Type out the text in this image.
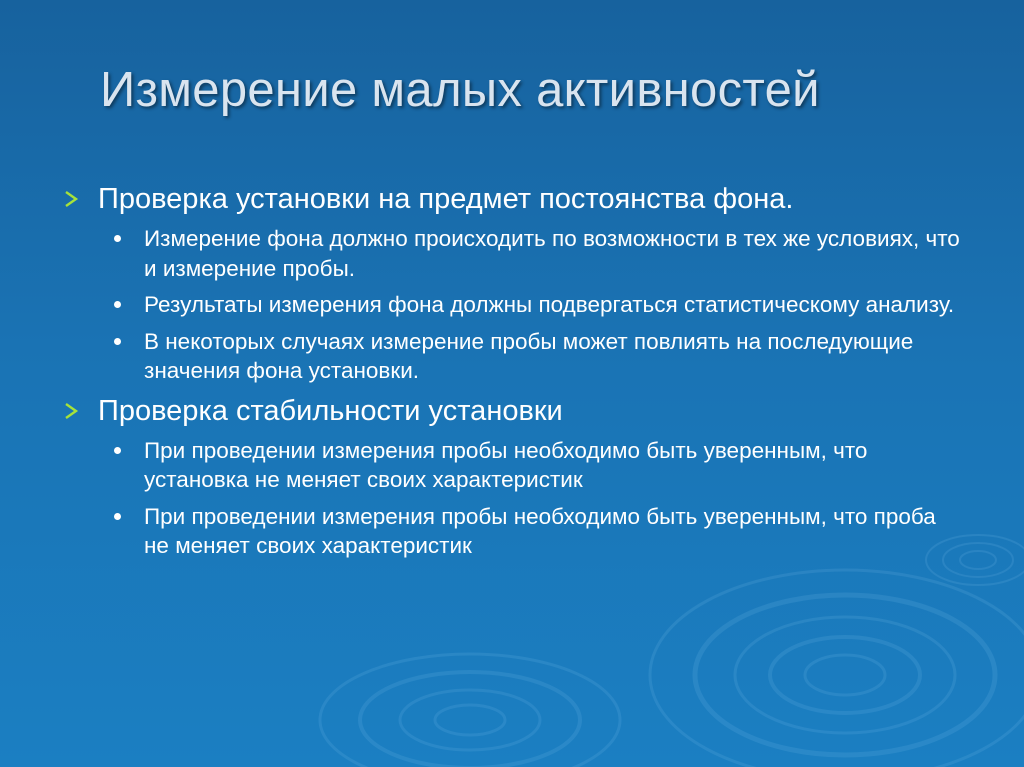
Измерение малых активностей
Проверка установки на предмет постоянства фона.
Измерение фона должно происходить по возможности в тех же условиях, что и измерение пробы.
Результаты измерения фона должны подвергаться статистическому анализу.
В некоторых случаях измерение пробы может повлиять на последующие значения фона установки.
Проверка стабильности установки
При проведении измерения пробы необходимо быть уверенным, что установка не меняет своих характеристик
При проведении измерения пробы необходимо быть уверенным, что проба не меняет своих характеристик
